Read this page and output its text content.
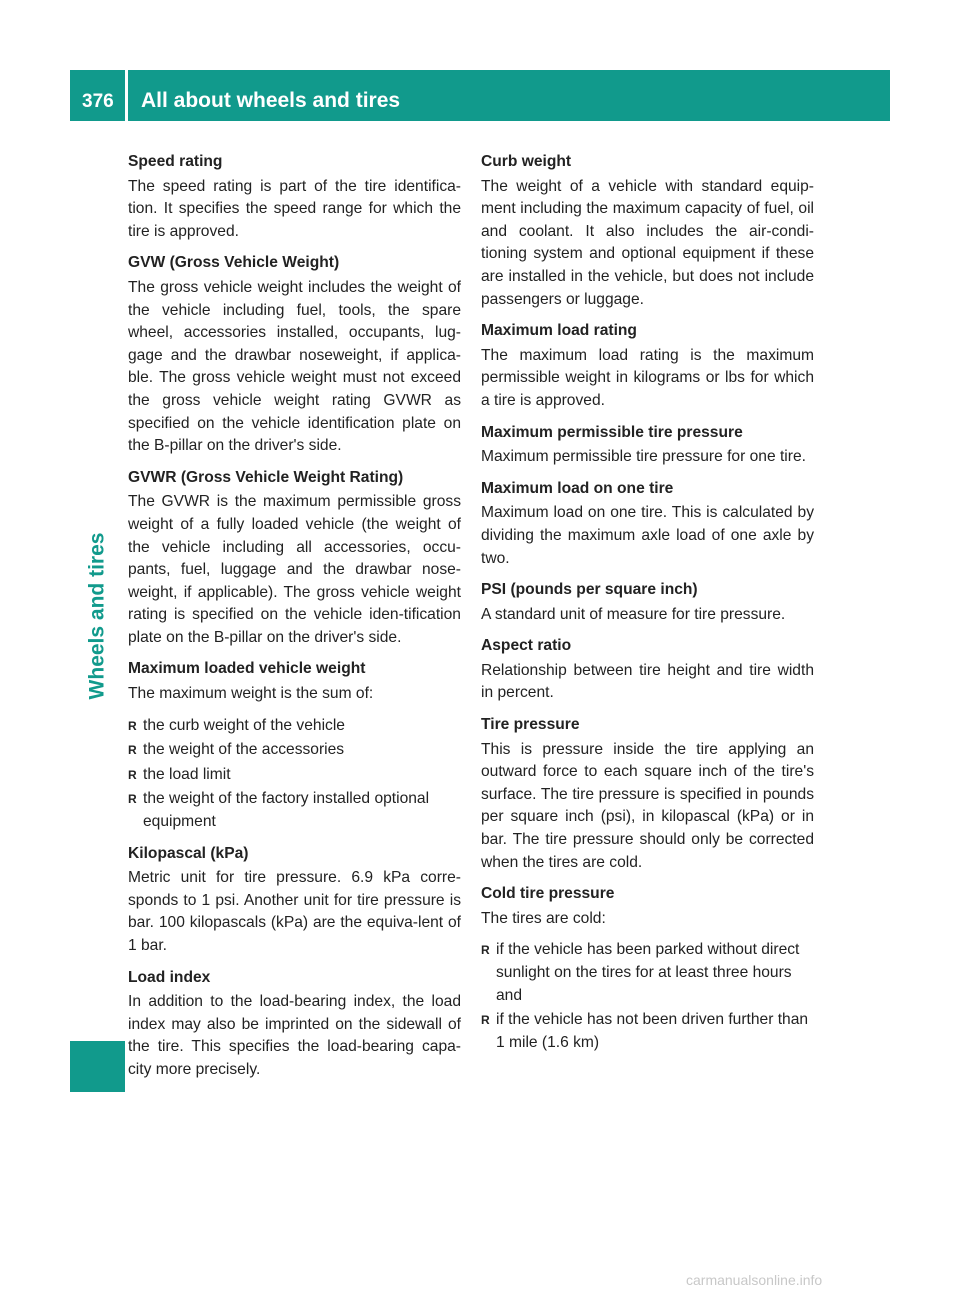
376 All about wheels and tires
Wheels and tires
Speed rating

The speed rating is part of the tire identifica-tion. It specifies the speed range for which the tire is approved.

GVW (Gross Vehicle Weight)

The gross vehicle weight includes the weight of the vehicle including fuel, tools, the spare wheel, accessories installed, occupants, lug-gage and the drawbar noseweight, if applica-ble. The gross vehicle weight must not exceed the gross vehicle weight rating GVWR as specified on the vehicle identification plate on the B-pillar on the driver's side.

GVWR (Gross Vehicle Weight Rating)

The GVWR is the maximum permissible gross weight of a fully loaded vehicle (the weight of the vehicle including all accessories, occu-pants, fuel, luggage and the drawbar nose-weight, if applicable). The gross vehicle weight rating is specified on the vehicle iden-tification plate on the B-pillar on the driver's side.

Maximum loaded vehicle weight

The maximum weight is the sum of:

R the curb weight of the vehicle
R the weight of the accessories
R the load limit
R the weight of the factory installed optional equipment
Kilopascal (kPa)

Metric unit for tire pressure. 6.9 kPa corre-sponds to 1 psi. Another unit for tire pressure is bar. 100 kilopascals (kPa) are the equiva-lent of 1 bar.

Load index

In addition to the load-bearing index, the load index may also be imprinted on the sidewall of the tire. This specifies the load-bearing capa-city more precisely.

Curb weight

The weight of a vehicle with standard equip-ment including the maximum capacity of fuel, oil and coolant. It also includes the air-condi-tioning system and optional equipment if these are installed in the vehicle, but does not include passengers or luggage.

Maximum load rating

The maximum load rating is the maximum permissible weight in kilograms or lbs for which a tire is approved.

Maximum permissible tire pressure

Maximum permissible tire pressure for one tire.

Maximum load on one tire

Maximum load on one tire. This is calculated by dividing the maximum axle load of one axle by two.

PSI (pounds per square inch)

A standard unit of measure for tire pressure.

Aspect ratio

Relationship between tire height and tire width in percent.

Tire pressure

This is pressure inside the tire applying an outward force to each square inch of the tire's surface. The tire pressure is specified in pounds per square inch (psi), in kilopascal (kPa) or in bar. The tire pressure should only be corrected when the tires are cold.

Cold tire pressure

The tires are cold:

R if the vehicle has been parked without direct sunlight on the tires for at least three hours and
R if the vehicle has not been driven further than 1 mile (1.6 km)
carmanualsonline.info
